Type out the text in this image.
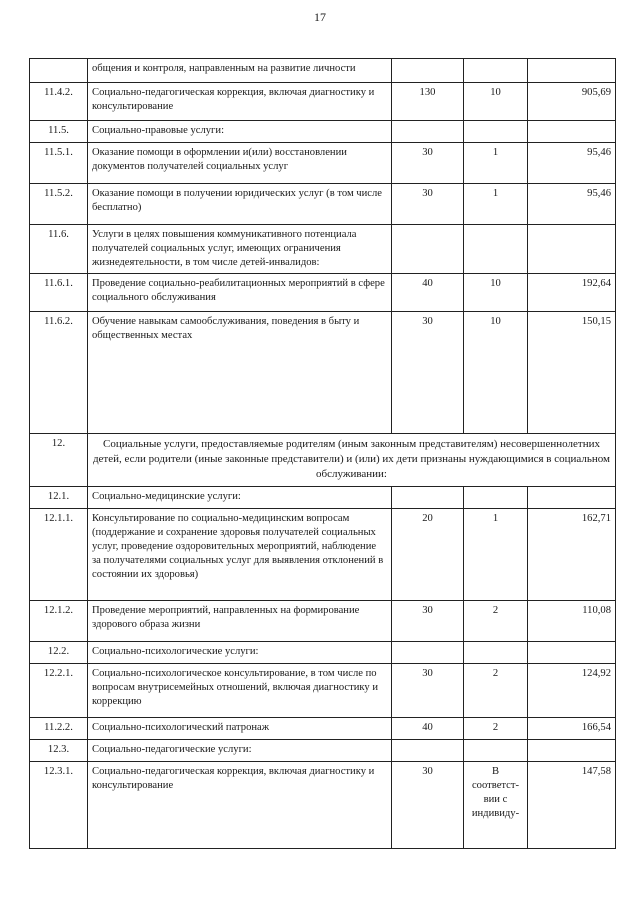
17
	общения и контроля, направленным на развитие личности			
11.4.2.	Социально-педагогическая коррекция, включая диагностику и консультирование	130	10	905,69
11.5.	Социально-правовые услуги:			
11.5.1.	Оказание помощи в оформлении и(или) восстановлении документов получателей социальных услуг	30	1	95,46
11.5.2.	Оказание помощи в получении юридических услуг (в том числе бесплатно)	30	1	95,46
11.6.	Услуги в целях повышения коммуникативного потенциала получателей социальных услуг, имеющих ограничения жизнедеятельности, в том числе детей-инвалидов:			
11.6.1.	Проведение социально-реабилитационных мероприятий в сфере социального обслуживания	40	10	192,64
11.6.2.	Обучение навыкам самообслуживания, поведения в быту и общественных местах	30	10	150,15
12.	Социальные услуги, предоставляемые родителям (иным законным представителям) несовершеннолетних детей, если родители (иные законные представители) и (или) их дети признаны нуждающимися в социальном обслуживании:			
12.1.	Социально-медицинские услуги:			
12.1.1.	Консультирование по социально-медицинским вопросам (поддержание и сохранение здоровья получателей социальных услуг, проведение оздоровительных мероприятий, наблюдение за получателями социальных услуг для выявления отклонений в состоянии их здоровья)	20	1	162,71
12.1.2.	Проведение мероприятий, направленных на формирование здорового образа жизни	30	2	110,08
12.2.	Социально-психологические услуги:			
12.2.1.	Социально-психологическое консультирование, в том числе по вопросам внутрисемейных отношений, включая диагностику и коррекцию	30	2	124,92
11.2.2.	Социально-психологический патронаж	40	2	166,54
12.3.	Социально-педагогические услуги:			
12.3.1.	Социально-педагогическая коррекция, включая диагностику и консультирование	30	В соответст-вии с индивиду-	147,58
